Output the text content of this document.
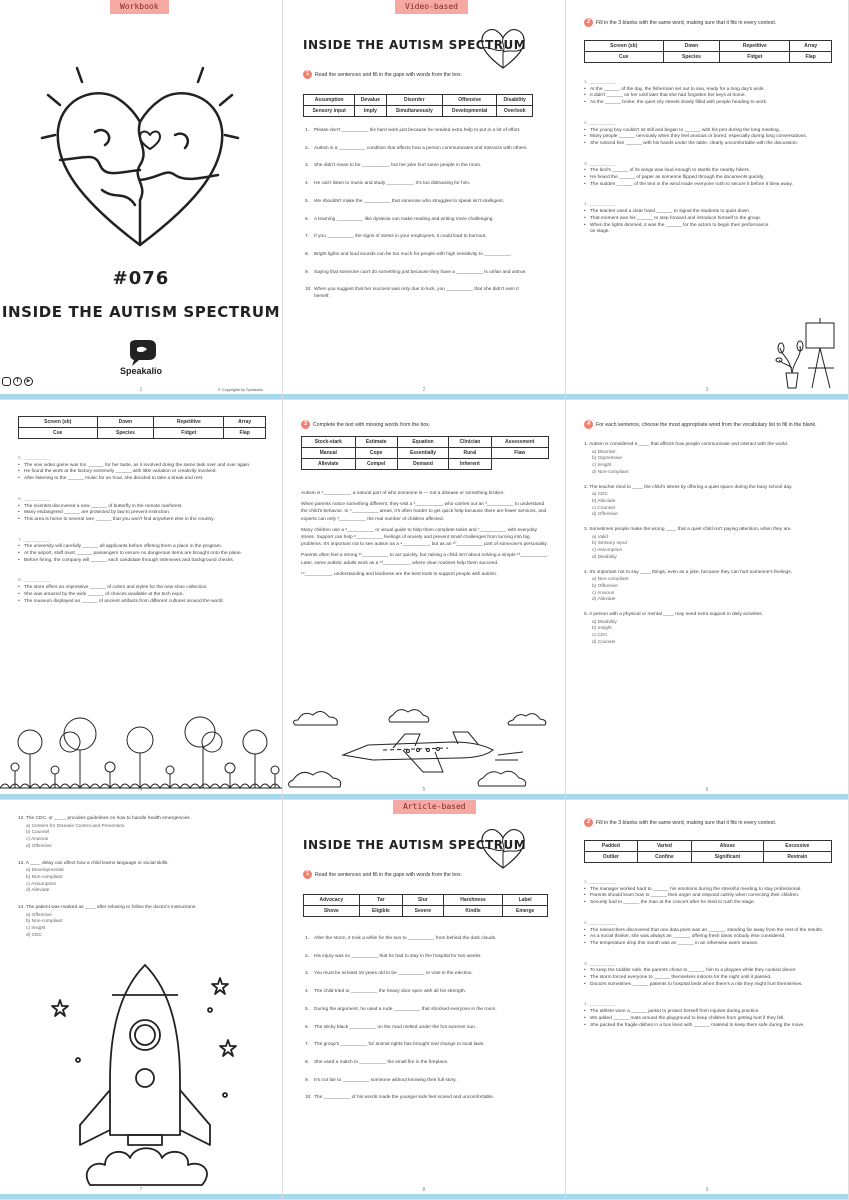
Workbook
#076
INSIDE THE AUTISM SPECTRUM
Speakalio
f	▶
© Copyrights by Speakalio
1
Video-based
INSIDE THE AUTISM SPECTRUM
1 Read the sentences and fill in the gaps with words from the box.
Assumption	Devalue	Disorder	Offensive	Disability
Sensory input	Imply	Simultaneously	Developmental	Overlook
1.	Please don't __________ his hard work just because he needed extra help to put in a lot of effort.
2.	Autism is a __________ condition that affects how a person communicates and interacts with others.
3.	She didn't mean to be __________, but her joke hurt some people in the room.
4.	He can't listen to music and study __________; it's too distracting for him.
5.	We shouldn't make the __________ that someone who struggles to speak isn't intelligent.
6.	A learning __________ like dyslexia can make reading and writing more challenging.
7.	If you __________ the signs of stress in your employees, it could lead to burnout.
8.	Bright lights and loud sounds can be too much for people with high sensitivity to __________.
9.	Saying that someone can't do something just because they have a __________ is unfair and untrue.
10. When you suggest that her success was only due to luck, you __________ that she didn't earn it herself.
2
2 Fill in the 3 blanks with the same word, making sure that it fits in every context.
Screen (sb)	Down	Repetitive	Array
Cue	Species	Fidget	Flap
1. __________
• At the ______ of the day, the fisherman set out to sea, ready for a long day's work.
• It didn't ______ on her until later that she had forgotten her keys at home.
• As the ______ broke, the quiet city streets slowly filled with people heading to work.
2. __________
• The young boy couldn't sit still and began to ______ with his pen during the long meeting.
• Many people ______ nervously when they feel anxious or bored, especially during long conversations.
• She noticed him ______ with his hands under the table, clearly uncomfortable with the discussion.
3. __________
• The bird's ______ of its wings was loud enough to startle the nearby hikers.
• He heard the ______ of paper as someone flipped through the documents quickly.
• The sudden ______ of the tent in the wind made everyone rush to secure it before it blew away.
4. __________
• The teacher used a clear hand ______ to signal the students to quiet down.
• That moment was his ______ to step forward and introduce himself to the group.
• When the lights dimmed, it was the ______ for the actors to begin their performance on stage.
3
Screen (sb)	Down	Repetitive	Array
Cue	Species	Fidget	Flap
5. __________
• The new video game was too ______ for her taste, as it involved doing the same task over and over again.
• He found the work at the factory extremely ______ with little variation or creativity involved.
• After listening to the ______ music for an hour, she decided to take a break and rest.
6. __________
• The scientist discovered a new ______ of butterfly in the remote rainforest.
• Many endangered ______ are protected by law to prevent extinction.
• This area is home to several rare ______ that you won't find anywhere else in the country.
7. __________
• The university will carefully ______ all applicants before offering them a place in the program.
• At the airport, staff must ______ passengers to ensure no dangerous items are brought onto the plane.
• Before hiring, the company will ______ each candidate through interviews and background checks.
8. __________
• The store offers an impressive ______ of colors and styles for the new shoe collection.
• She was amazed by the wide ______ of choices available at the tech expo.
• The museum displayed an ______ of ancient artifacts from different cultures around the world.
4
3 Complete the text with missing words from the box.
Stock-stark	Estimate	Equation	Clinician	Assessment
Manual	Cope	Essentially	Rural	Flaw
Alleviate	Compel	Demand	Inherent	

Autism is ¹__________, a natural part of who someone is — not a disease or something broken.

When parents notice something different, they visit a ²__________, who carries out an ³__________ to understand the child's behavior. In ⁴__________ areas, it's often harder to get quick help because there are fewer services, and experts can only ⁵__________ the real number of children affected.

Many children use a ⁶__________ or visual guide to help them complete tasks and ⁷__________ with everyday stress. Support can help ⁸__________ feelings of anxiety and prevent small challenges from turning into big problems. It's important not to see autism as a ⁹__________, but as an ¹⁰__________ part of someone's personality.

Parents often feel a strong ¹¹__________ to act quickly, but raising a child isn't about solving a simple ¹²__________. Later, some autistic adults work as a ¹³__________, where clear routines help them succeed.

¹⁴__________, understanding and kindness are the best tools to support people with autism.

5
4 For each sentence, choose the most appropriate word from the vocabulary list to fill in the blank.
1. Autism is considered a ____ that affects how people communicate and interact with the world.
a) Disorder
b) Oppressive
c) Insight
d) Non-compliant
2. The teacher tried to ____ the child's stress by offering a quiet space during the busy school day.
a) CDC
b) Alleviate
c) Counsel
d) Offensive
3. Sometimes people make the wrong ____ that a quiet child isn't paying attention, when they are.
a) Valid
b) Sensory input
c) Assumption
d) Disability
4. It's important not to say ____ things, even as a joke, because they can hurt someone's feelings.
a) Non-compliant
b) Offensive
c) Anxious
d) Alleviate
5. A person with a physical or mental ____ may need extra support in daily activities.
a) Disability
b) Insight
c) CDC
d) Counsel
6
12. The CDC, or ____, provides guidelines on how to handle health emergencies.
a) Centers for Disease Control and Prevention
b) Counsel
c) Anxious
d) Offensive
13. A ____ delay can affect how a child learns language or social skills.
a) Developmental
b) Non-compliant
c) Assumption
d) Alleviate
14. The patient was marked as ____ after refusing to follow the doctor's instructions.
a) Offensive
b) Non-compliant
c) Insight
d) CDC
7
Article-based
INSIDE THE AUTISM SPECTRUM
1 Read the sentences and fill in the gaps with words from the box.
Advocacy	Tar	Slur	Harshness	Label
Shove	Eligible	Severe	Kindle	Emerge
1.	After the storm, it took a while for the sun to __________ from behind the dark clouds.
2.	His injury was so __________ that he had to stay in the hospital for two weeks.
3.	You must be at least 18 years old to be __________ to vote in the election.
4.	The child tried to __________ the heavy door open with all his strength.
5.	During the argument, he used a rude __________ that shocked everyone in the room.
6.	The sticky black __________ on the road melted under the hot summer sun.
7.	The group's __________ for animal rights has brought real change to local laws.
8.	She used a match to __________ the small fire in the fireplace.
9.	It's not fair to __________ someone without knowing their full story.
10. The __________ of his words made the younger kids feel scared and uncomfortable.
8
2 Fill in the 3 blanks with the same word, making sure that it fits in every context.
Padded	Varied	Abuse	Excessive
Outlier	Confine	Significant	Restrain
1. __________
• The manager worked hard to ______ his emotions during the stressful meeting to stay professional.
• Parents should learn how to ______ their anger and respond calmly when correcting their children.
• Security had to ______ the man at the concert after he tried to rush the stage.
2. __________
• The researchers discovered that one data point was an ______, standing far away from the rest of the results.
• As a social thinker, she was always an ______, offering fresh ideas nobody else considered.
• The temperature drop this month was an ______ in an otherwise warm season.
3. __________
• To keep the toddler safe, the parents chose to ______ him to a playpen while they cooked dinner.
• The storm forced everyone to ______ themselves indoors for the night until it passed.
• Doctors sometimes ______ patients to hospital beds when there's a risk they might hurt themselves.
4. __________
• The athlete wore a ______ jacket to protect herself from injuries during practice.
• We added ______ mats around the playground to keep children from getting hurt if they fell.
• She packed the fragile dishes in a box lined with ______ material to keep them safe during the move.
9
